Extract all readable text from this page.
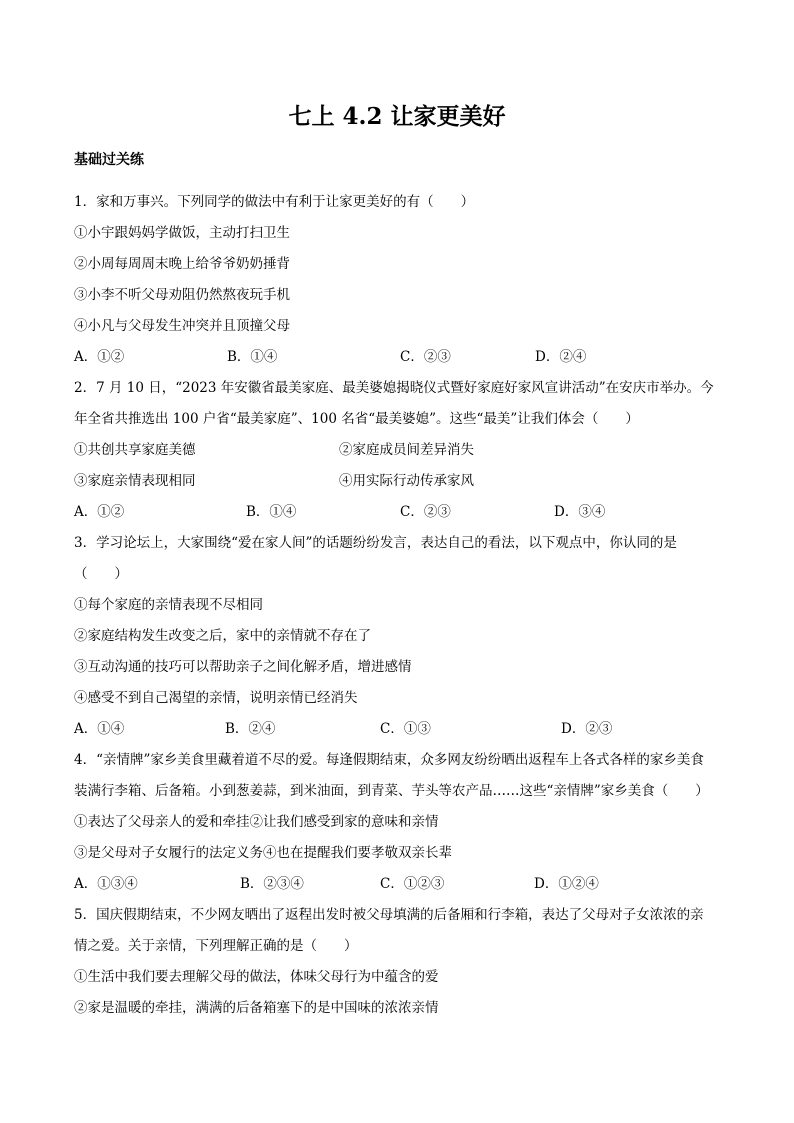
七上 4.2 让家更美好
基础过关练
1．家和万事兴。下列同学的做法中有利于让家更美好的有（　　）
①小宇跟妈妈学做饭，主动打扫卫生
②小周每周周末晚上给爷爷奶奶捶背
③小李不听父母劝阻仍然熬夜玩手机
④小凡与父母发生冲突并且顶撞父母
A．①②	B．①④	C．②③	D．②④
2．7 月 10 日，“2023 年安徽省最美家庭、最美婆媳揭晓仪式暨好家庭好家风宣讲活动”在安庆市举办。今
年全省共推选出 100 户省“最美家庭”、100 名省“最美婆媳”。这些“最美”让我们体会（　　）
①共创共享家庭美德	②家庭成员间差异消失
③家庭亲情表现相同	④用实际行动传承家风
A．①②	B．①④	C．②③	D．③④
3．学习论坛上，大家围绕“爱在家人间”的话题纷纷发言，表达自己的看法，以下观点中，你认同的是
（　　）
①每个家庭的亲情表现不尽相同
②家庭结构发生改变之后，家中的亲情就不存在了
③互动沟通的技巧可以帮助亲子之间化解矛盾，增进感情
④感受不到自己渴望的亲情，说明亲情已经消失
A．①④	B．②④	C．①③	D．②③
4．“亲情牌”家乡美食里藏着道不尽的爱。每逢假期结束，众多网友纷纷晒出返程车上各式各样的家乡美食
装满行李箱、后备箱。小到葱姜蒜，到米油面，到青菜、芋头等农产品……这些“亲情牌”家乡美食（　　）
①表达了父母亲人的爱和牵挂②让我们感受到家的意味和亲情
③是父母对子女履行的法定义务④也在提醒我们要孝敬双亲长辈
A．①③④	B．②③④	C．①②③	D．①②④
5．国庆假期结束，不少网友晒出了返程出发时被父母填满的后备厢和行李箱，表达了父母对子女浓浓的亲
情之爱。关于亲情，下列理解正确的是（　　）
①生活中我们要去理解父母的做法，体味父母行为中蕴含的爱
②家是温暖的牵挂，满满的后备箱塞下的是中国味的浓浓亲情
